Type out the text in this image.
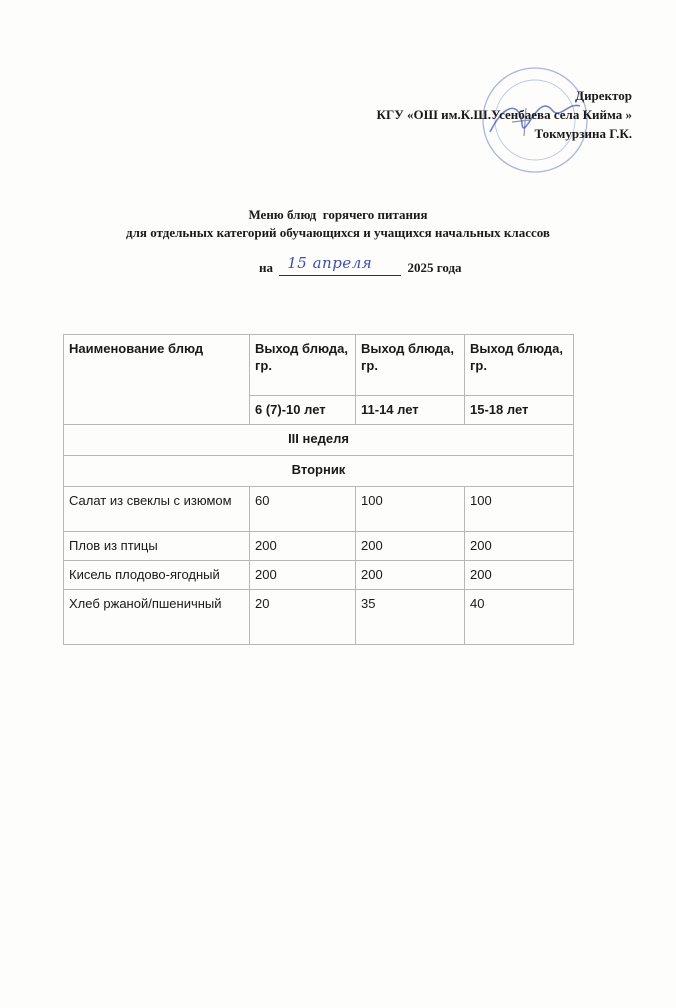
Директор
КГУ «ОШ им.К.Ш.Усенбаева села Кийма »
Токмурзина Г.К.
Меню блюд  горячего питания
для отдельных категорий обучающихся и учащихся начальных классов
на 15 апреля	2025 года
Наименование блюд	Выход блюда, гр.	Выход блюда, гр.	Выход блюда, гр.
	6 (7)-10 лет	11-14 лет	15-18 лет
III неделя			
Вторник			
Салат из свеклы с изюмом	60	100	100
Плов из птицы	200	200	200
Кисель плодово-ягодный	200	200	200
Хлеб ржаной/пшеничный	20	35	40
